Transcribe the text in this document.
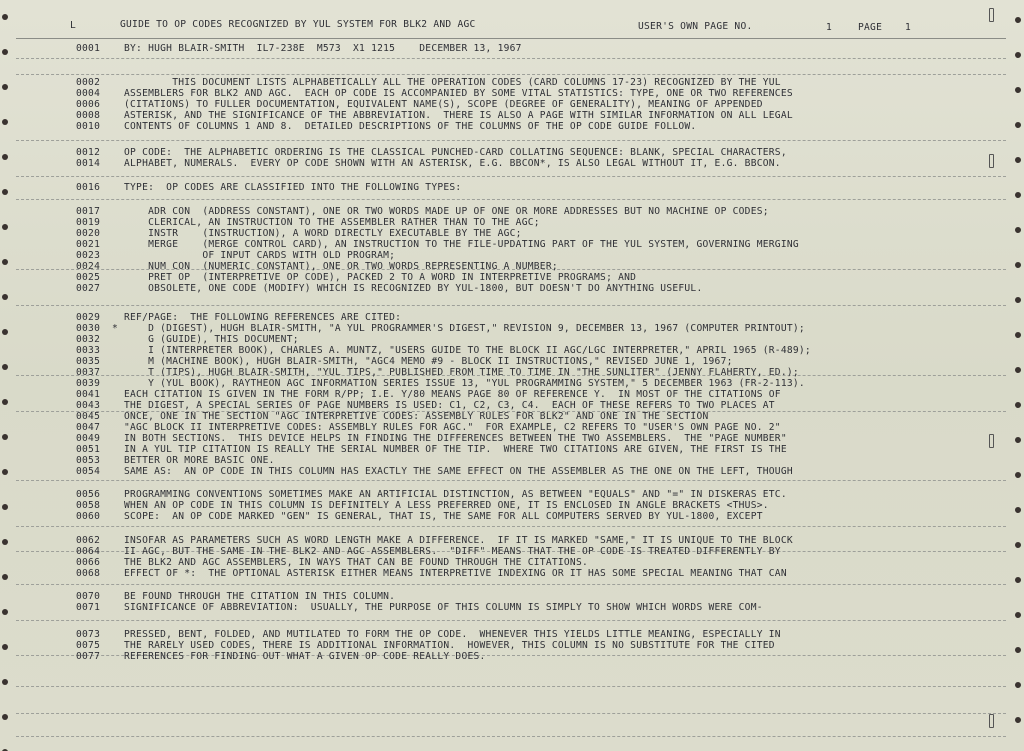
L	GUIDE TO OP CODES RECOGNIZED BY YUL SYSTEM FOR BLK2 AND AGC	USER'S OWN PAGE NO.	1	PAGE 1
0001 BY: HUGH BLAIR-SMITH  IL7-238E  M573  X1 1215    DECEMBER 13, 1967
0002 THIS DOCUMENT LISTS ALPHABETICALLY ALL THE OPERATION CODES (CARD COLUMNS 17-23) RECOGNIZED BY THE YUL
0004 ASSEMBLERS FOR BLK2 AND AGC.  EACH OP CODE IS ACCOMPANIED BY SOME VITAL STATISTICS: TYPE, ONE OR TWO REFERENCES
0006 (CITATIONS) TO FULLER DOCUMENTATION, EQUIVALENT NAME(S), SCOPE (DEGREE OF GENERALITY), MEANING OF APPENDED
0008 ASTERISK, AND THE SIGNIFICANCE OF THE ABBREVIATION.  THERE IS ALSO A PAGE WITH SIMILAR INFORMATION ON ALL LEGAL
0010 CONTENTS OF COLUMNS 1 AND 8.  DETAILED DESCRIPTIONS OF THE COLUMNS OF THE OP CODE GUIDE FOLLOW.
0012 OP CODE:  THE ALPHABETIC ORDERING IS THE CLASSICAL PUNCHED-CARD COLLATING SEQUENCE: BLANK, SPECIAL CHARACTERS,
0014 ALPHABET, NUMERALS.  EVERY OP CODE SHOWN WITH AN ASTERISK, E.G. BBCON*, IS ALSO LEGAL WITHOUT IT, E.G. BBCON.
0016 TYPE:  OP CODES ARE CLASSIFIED INTO THE FOLLOWING TYPES:
0017 ADR CON  (ADDRESS CONSTANT), ONE OR TWO WORDS MADE UP OF ONE OR MORE ADDRESSES BUT NO MACHINE OP CODES;
0019 CLERICAL, AN INSTRUCTION TO THE ASSEMBLER RATHER THAN TO THE AGC;
0020 INSTR    (INSTRUCTION), A WORD DIRECTLY EXECUTABLE BY THE AGC;
0021 MERGE    (MERGE CONTROL CARD), AN INSTRUCTION TO THE FILE-UPDATING PART OF THE YUL SYSTEM, GOVERNING MERGING
0023 OF INPUT CARDS WITH OLD PROGRAM;
0024 NUM CON  (NUMERIC CONSTANT), ONE OR TWO WORDS REPRESENTING A NUMBER;
0025 PRET OP  (INTERPRETIVE OP CODE), PACKED 2 TO A WORD IN INTERPRETIVE PROGRAMS; AND
0027 OBSOLETE, ONE CODE (MODIFY) WHICH IS RECOGNIZED BY YUL-1800, BUT DOESN'T DO ANYTHING USEFUL.
0029 REF/PAGE:  THE FOLLOWING REFERENCES ARE CITED:
0030 * D (DIGEST), HUGH BLAIR-SMITH, "A YUL PROGRAMMER'S DIGEST," REVISION 9, DECEMBER 13, 1967 (COMPUTER PRINTOUT);
0032 G (GUIDE), THIS DOCUMENT;
0033 I (INTERPRETER BOOK), CHARLES A. MUNTZ, "USERS GUIDE TO THE BLOCK II AGC/LGC INTERPRETER," APRIL 1965 (R-489);
0035 M (MACHINE BOOK), HUGH BLAIR-SMITH, "AGC4 MEMO #9 - BLOCK II INSTRUCTIONS," REVISED JUNE 1, 1967;
0037 T (TIPS), HUGH BLAIR-SMITH, "YUL TIPS," PUBLISHED FROM TIME TO TIME IN "THE SUNLITER" (JENNY FLAHERTY, ED.);
0039 Y (YUL BOOK), RAYTHEON AGC INFORMATION SERIES ISSUE 13, "YUL PROGRAMMING SYSTEM," 5 DECEMBER 1963 (FR-2-113).
0041 EACH CITATION IS GIVEN IN THE FORM R/PP; I.E. Y/80 MEANS PAGE 80 OF REFERENCE Y.  IN MOST OF THE CITATIONS OF
0043 THE DIGEST, A SPECIAL SERIES OF PAGE NUMBERS IS USED: C1, C2, C3, C4.  EACH OF THESE REFERS TO TWO PLACES AT
0045 ONCE, ONE IN THE SECTION "AGC INTERPRETIVE CODES: ASSEMBLY RULES FOR BLK2" AND ONE IN THE SECTION
0047 "AGC BLOCK II INTERPRETIVE CODES: ASSEMBLY RULES FOR AGC."  FOR EXAMPLE, C2 REFERS TO "USER'S OWN PAGE NO. 2"
0049 IN BOTH SECTIONS.  THIS DEVICE HELPS IN FINDING THE DIFFERENCES BETWEEN THE TWO ASSEMBLERS.  THE "PAGE NUMBER"
0051 IN A YUL TIP CITATION IS REALLY THE SERIAL NUMBER OF THE TIP.  WHERE TWO CITATIONS ARE GIVEN, THE FIRST IS THE
0053 BETTER OR MORE BASIC ONE.
0054 SAME AS:  AN OP CODE IN THIS COLUMN HAS EXACTLY THE SAME EFFECT ON THE ASSEMBLER AS THE ONE ON THE LEFT, THOUGH
0056 PROGRAMMING CONVENTIONS SOMETIMES MAKE AN ARTIFICIAL DISTINCTION, AS BETWEEN "EQUALS" AND "=" IN DISKERAS ETC.
0058 WHEN AN OP CODE IN THIS COLUMN IS DEFINITELY A LESS PREFERRED ONE, IT IS ENCLOSED IN ANGLE BRACKETS <THUS>.
0060 SCOPE:  AN OP CODE MARKED "GEN" IS GENERAL, THAT IS, THE SAME FOR ALL COMPUTERS SERVED BY YUL-1800, EXCEPT
0062 INSOFAR AS PARAMETERS SUCH AS WORD LENGTH MAKE A DIFFERENCE.  IF IT IS MARKED "SAME," IT IS UNIQUE TO THE BLOCK
0064 II AGC, BUT THE SAME IN THE BLK2 AND AGC ASSEMBLERS.  "DIFF" MEANS THAT THE OP CODE IS TREATED DIFFERENTLY BY
0066 THE BLK2 AND AGC ASSEMBLERS, IN WAYS THAT CAN BE FOUND THROUGH THE CITATIONS.
0068 EFFECT OF *:  THE OPTIONAL ASTERISK EITHER MEANS INTERPRETIVE INDEXING OR IT HAS SOME SPECIAL MEANING THAT CAN
0070 BE FOUND THROUGH THE CITATION IN THIS COLUMN.
0071 SIGNIFICANCE OF ABBREVIATION:  USUALLY, THE PURPOSE OF THIS COLUMN IS SIMPLY TO SHOW WHICH WORDS WERE COM-
0073 PRESSED, BENT, FOLDED, AND MUTILATED TO FORM THE OP CODE.  WHENEVER THIS YIELDS LITTLE MEANING, ESPECIALLY IN
0075 THE RARELY USED CODES, THERE IS ADDITIONAL INFORMATION.  HOWEVER, THIS COLUMN IS NO SUBSTITUTE FOR THE CITED
0077 REFERENCES FOR FINDING OUT WHAT A GIVEN OP CODE REALLY DOES.
